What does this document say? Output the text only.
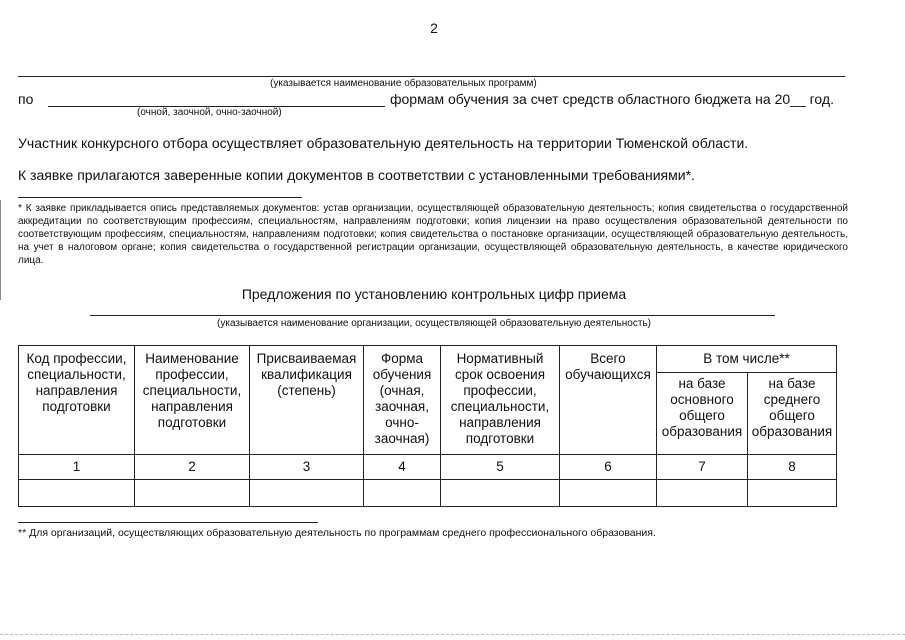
2
(указывается наименование образовательных программ)
по	формам обучения за счет средств областного бюджета на 20__ год.
(очной, заочной, очно-заочной)
Участник конкурсного отбора осуществляет образовательную деятельность на территории Тюменской области.
К заявке прилагаются заверенные копии документов в соответствии с установленными требованиями*.
* К заявке прикладывается опись представляемых документов: устав организации, осуществляющей образовательную деятельность; копия свидетельства о государственной аккредитации по соответствующим профессиям, специальностям, направлениям подготовки; копия лицензии на право осуществления образовательной деятельности по соответствующим профессиям, специальностям, направлениям подготовки; копия свидетельства о постановке организации, осуществляющей образовательную деятельность, на учет в налоговом органе; копия свидетельства о государственной регистрации организации, осуществляющей образовательную деятельность, в качестве юридического лица.
Предложения по установлению контрольных цифр приема
(указывается наименование организации, осуществляющей образовательную деятельность)
Код профессии, специальности, направления подготовки	Наименование профессии, специальности, направления подготовки	Присваиваемая квалификация (степень)	Форма обучения (очная, заочная, очно-заочная)	Нормативный срок освоения профессии, специальности, направления подготовки	Всего обучающихся	В том числе**	
						на базе основного общего образования	на базе среднего общего образования
1	2	3	4	5	6	7	8

** Для организаций, осуществляющих образовательную деятельность по программам среднего профессионального образования.
